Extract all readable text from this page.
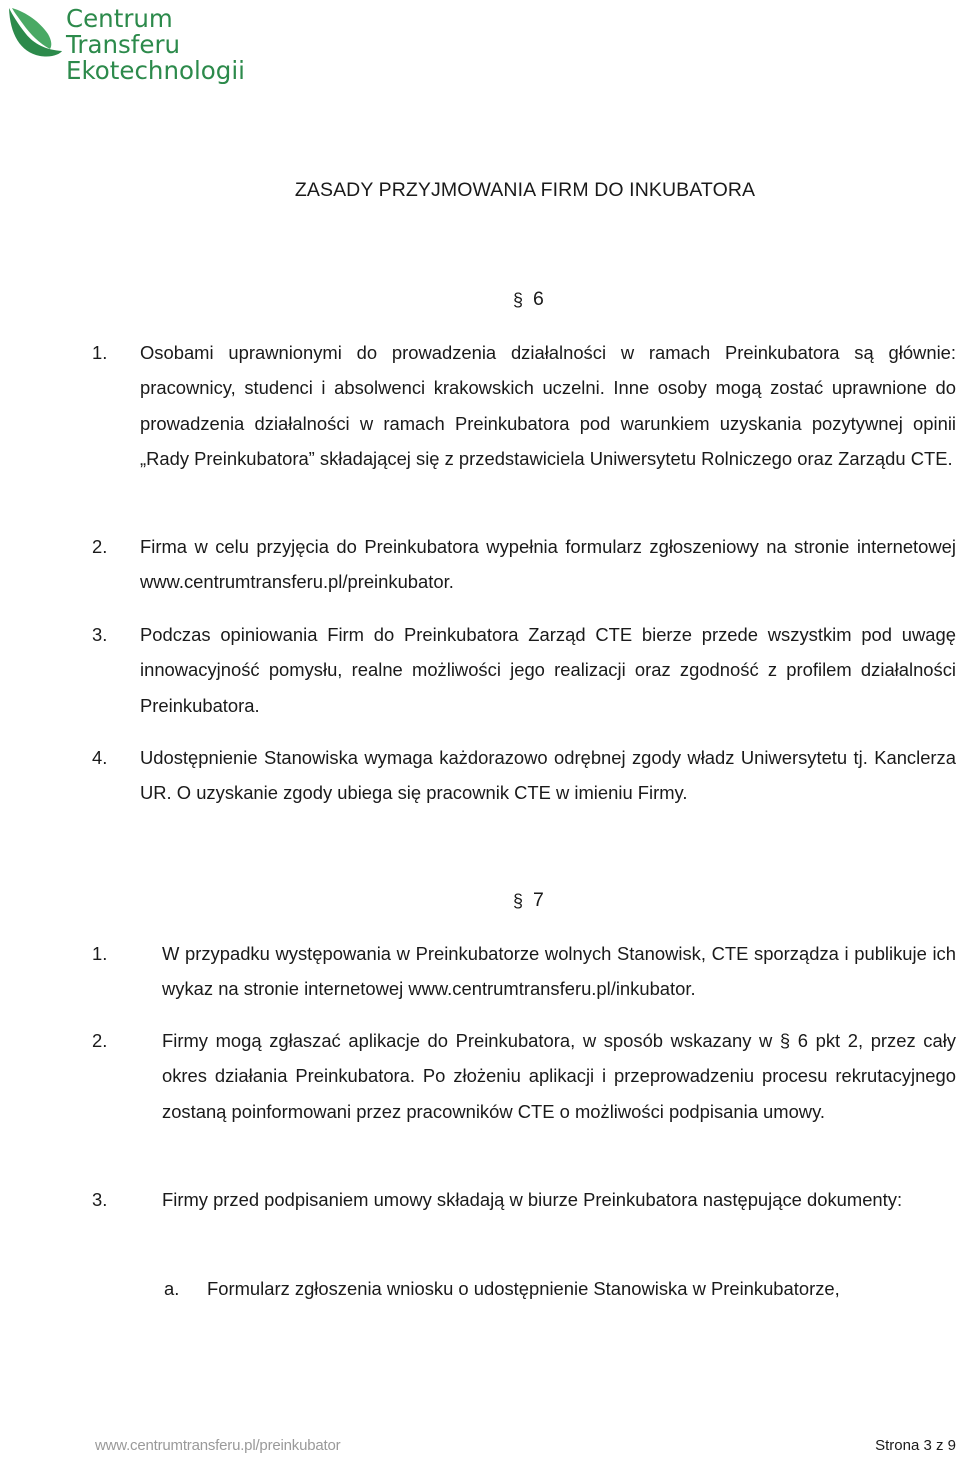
Centrum
Transferu
Ekotechnologii
ZASADY PRZYJMOWANIA FIRM DO INKUBATORA
§ 6
1. Osobami uprawnionymi do prowadzenia działalności w ramach Preinkubatora są głównie: pracownicy, studenci i absolwenci krakowskich uczelni. Inne osoby mogą zostać uprawnione do prowadzenia działalności w ramach Preinkubatora pod warunkiem uzyskania pozytywnej opinii „Rady Preinkubatora” składającej się z przedstawiciela Uniwersytetu Rolniczego oraz Zarządu CTE.
2. Firma w celu przyjęcia do Preinkubatora wypełnia formularz zgłoszeniowy na stronie internetowej www.centrumtransferu.pl/preinkubator.
3. Podczas opiniowania Firm do Preinkubatora Zarząd CTE bierze przede wszystkim pod uwagę innowacyjność pomysłu, realne możliwości jego realizacji oraz zgodność z profilem działalności Preinkubatora.
4. Udostępnienie Stanowiska wymaga każdorazowo odrębnej zgody władz Uniwersytetu tj. Kanclerza UR. O uzyskanie zgody ubiega się pracownik CTE w imieniu Firmy.
§ 7
1.	W przypadku występowania w Preinkubatorze wolnych Stanowisk, CTE sporządza i publikuje ich wykaz na stronie internetowej www.centrumtransferu.pl/inkubator.
2.	Firmy mogą zgłaszać aplikacje do Preinkubatora, w sposób wskazany w § 6 pkt 2, przez cały okres działania Preinkubatora. Po złożeniu aplikacji i przeprowadzeniu procesu rekrutacyjnego zostaną poinformowani przez pracowników CTE o możliwości podpisania umowy.
3.	Firmy przed podpisaniem umowy składają w biurze Preinkubatora następujące dokumenty:
a. Formularz zgłoszenia wniosku o udostępnienie Stanowiska w Preinkubatorze,
www.centrumtransferu.pl/preinkubator	Strona 3 z 9
